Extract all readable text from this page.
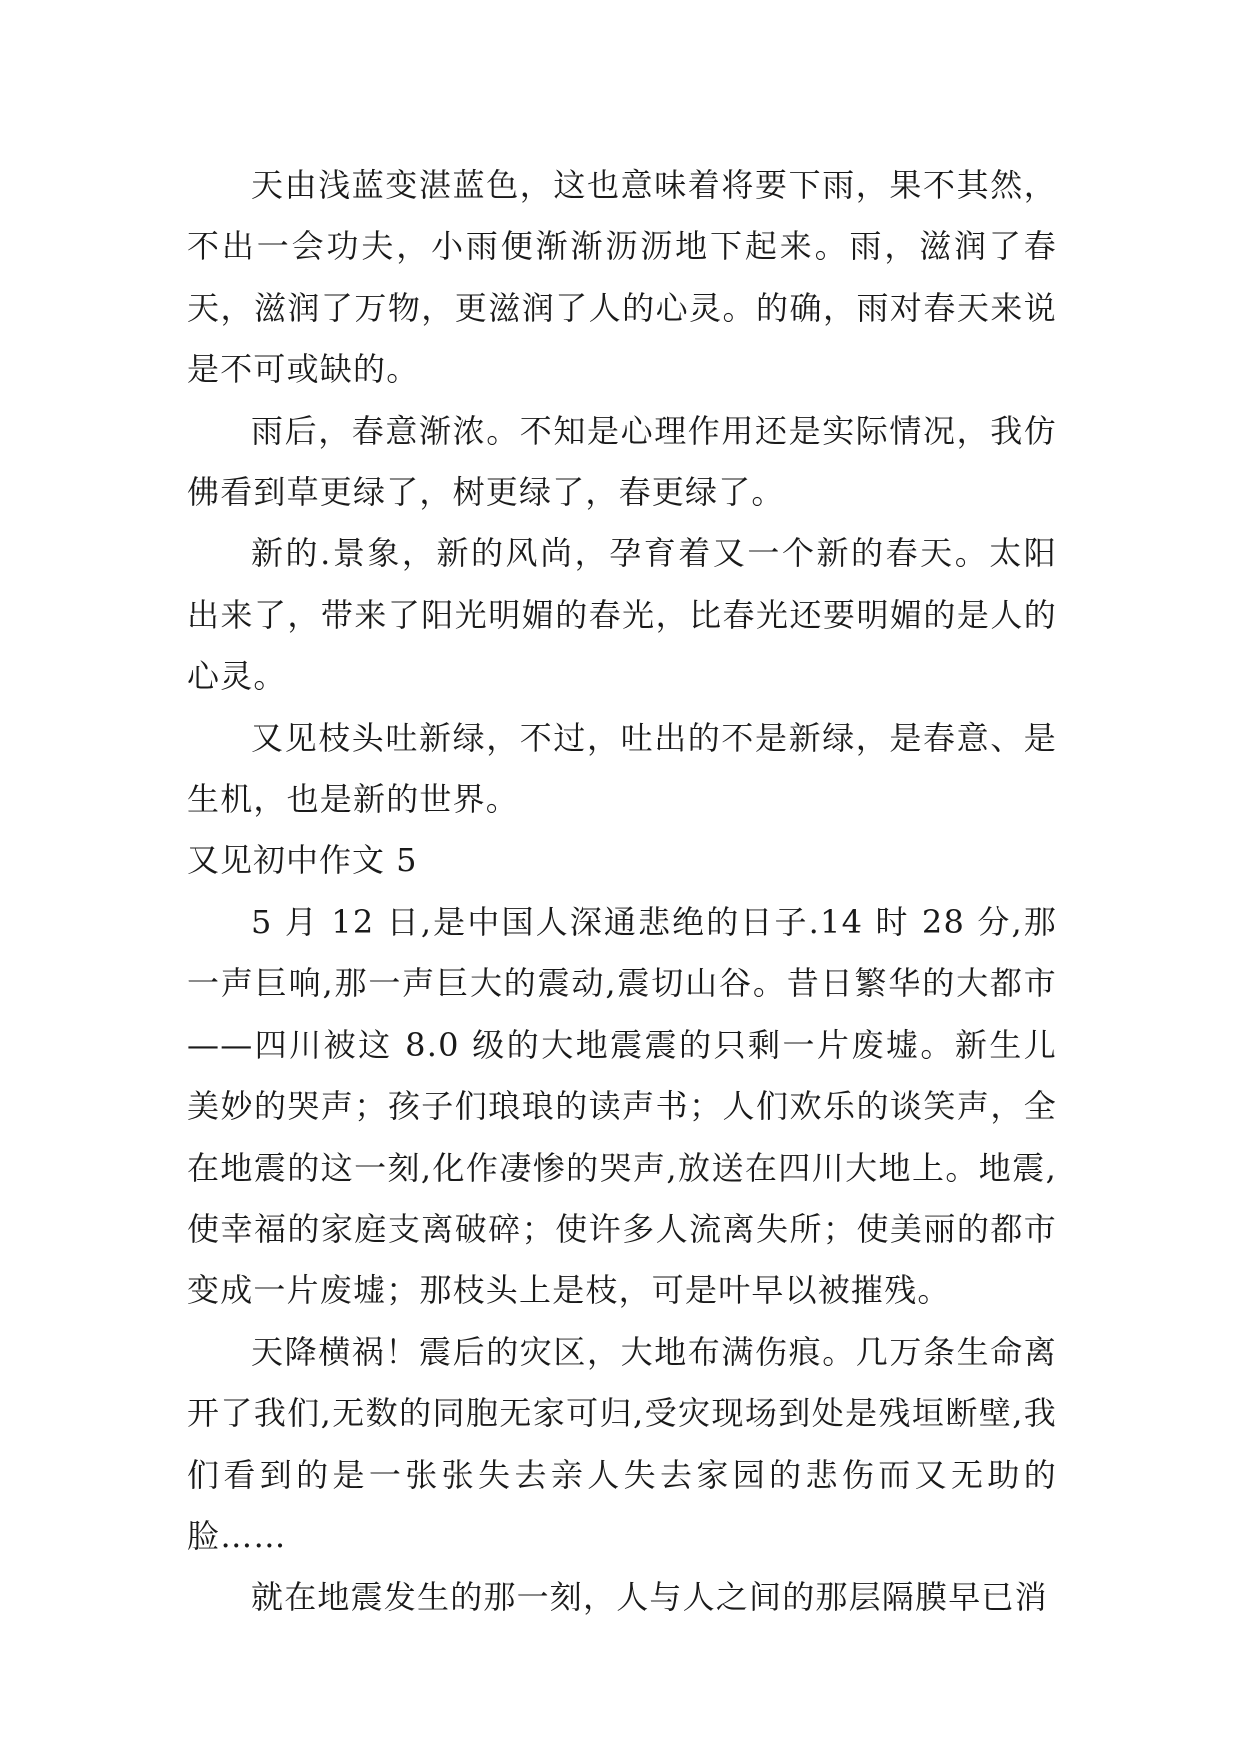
天由浅蓝变湛蓝色，这也意味着将要下雨，果不其然，不出一会功夫，小雨便渐渐沥沥地下起来。雨，滋润了春天，滋润了万物，更滋润了人的心灵。的确，雨对春天来说是不可或缺的。

雨后，春意渐浓。不知是心理作用还是实际情况，我仿佛看到草更绿了，树更绿了，春更绿了。

新的.景象，新的风尚，孕育着又一个新的春天。太阳出来了，带来了阳光明媚的春光，比春光还要明媚的是人的心灵。

又见枝头吐新绿，不过，吐出的不是新绿，是春意、是生机，也是新的世界。

又见初中作文 5

5 月 12 日,是中国人深通悲绝的日子.14 时 28 分,那一声巨响,那一声巨大的震动,震切山谷。昔日繁华的大都市——四川被这 8.0 级的大地震震的只剩一片废墟。新生儿美妙的哭声；孩子们琅琅的读声书；人们欢乐的谈笑声，全在地震的这一刻,化作凄惨的哭声,放送在四川大地上。地震,使幸福的家庭支离破碎；使许多人流离失所；使美丽的都市变成一片废墟；那枝头上是枝，可是叶早以被摧残。

天降横祸！震后的灾区，大地布满伤痕。几万条生命离开了我们,无数的同胞无家可归,受灾现场到处是残垣断壁,我们看到的是一张张失去亲人失去家园的悲伤而又无助的脸……

就在地震发生的那一刻，人与人之间的那层隔膜早已消
